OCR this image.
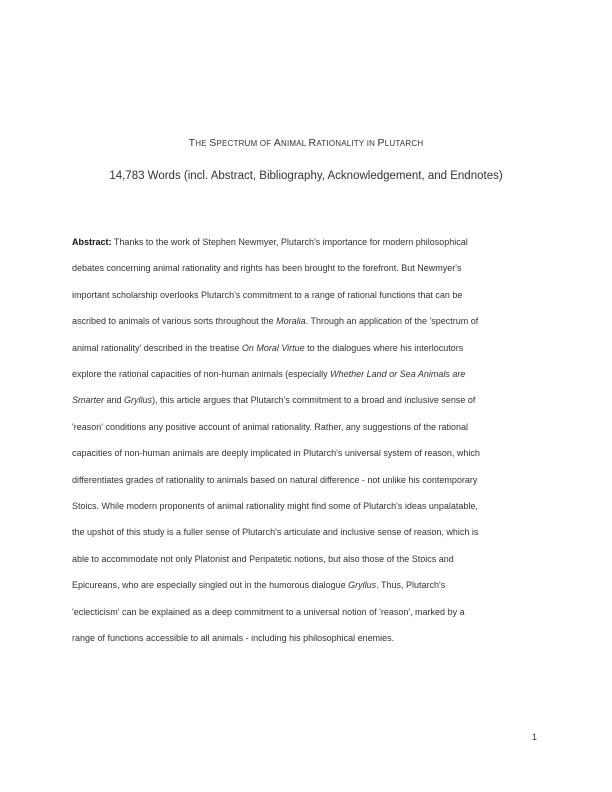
THE SPECTRUM OF ANIMAL RATIONALITY IN PLUTARCH
14,783 Words (incl. Abstract, Bibliography, Acknowledgement, and Endnotes)
Abstract: Thanks to the work of Stephen Newmyer, Plutarch's importance for modern philosophical
debates concerning animal rationality and rights has been brought to the forefront. But Newmyer's
important scholarship overlooks Plutarch's commitment to a range of rational functions that can be
ascribed to animals of various sorts throughout the Moralia. Through an application of the 'spectrum of
animal rationality' described in the treatise On Moral Virtue to the dialogues where his interlocutors
explore the rational capacities of non-human animals (especially Whether Land or Sea Animals are
Smarter and Gryllus), this article argues that Plutarch's commitment to a broad and inclusive sense of
'reason' conditions any positive account of animal rationality. Rather, any suggestions of the rational
capacities of non-human animals are deeply implicated in Plutarch's universal system of reason, which
differentiates grades of rationality to animals based on natural difference - not unlike his contemporary
Stoics. While modern proponents of animal rationality might find some of Plutarch's ideas unpalatable,
the upshot of this study is a fuller sense of Plutarch's articulate and inclusive sense of reason, which is
able to accommodate not only Platonist and Peripatetic notions, but also those of the Stoics and
Epicureans, who are especially singled out in the humorous dialogue Gryllus. Thus, Plutarch's
'eclecticism' can be explained as a deep commitment to a universal notion of 'reason', marked by a
range of functions accessible to all animals - including his philosophical enemies.
1
